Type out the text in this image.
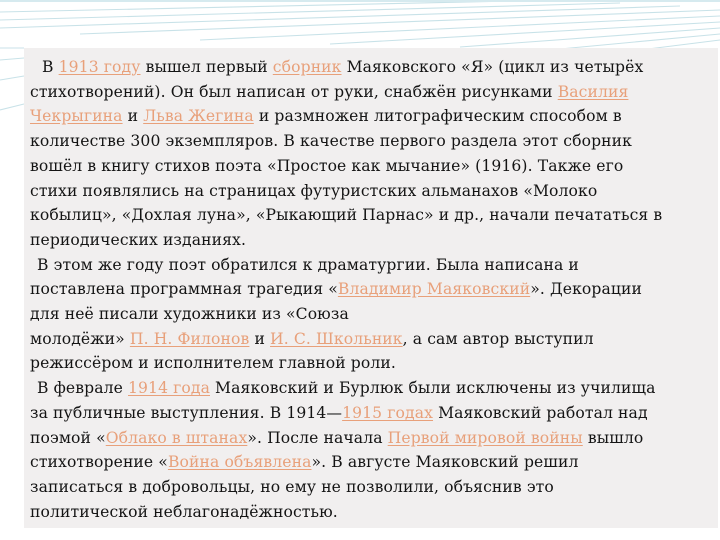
В 1913 году вышел первый сборник Маяковского «Я» (цикл из четырёх
стихотворений). Он был написан от руки, снабжён рисунками Василия
Чекрыгина и Льва Жегина и размножен литографическим способом в
количестве 300 экземпляров. В качестве первого раздела этот сборник
вошёл в книгу стихов поэта «Простое как мычание» (1916). Также его
стихи появлялись на страницах футуристских альманахов «Молоко
кобылиц», «Дохлая луна», «Рыкающий Парнас» и др., начали печататься в
периодических изданиях.
В этом же году поэт обратился к драматургии. Была написана и
поставлена программная трагедия «Владимир Маяковский». Декорации
для неё писали художники из «Союза
молодёжи» П. Н. Филонов и И. С. Школьник, а сам автор выступил
режиссёром и исполнителем главной роли.
В феврале 1914 года Маяковский и Бурлюк были исключены из училища
за публичные выступления. В 1914—1915 годах Маяковский работал над
поэмой «Облако в штанах». После начала Первой мировой войны вышло
стихотворение «Война объявлена». В августе Маяковский решил
записаться в добровольцы, но ему не позволили, объяснив это
политической неблагонадёжностью.
